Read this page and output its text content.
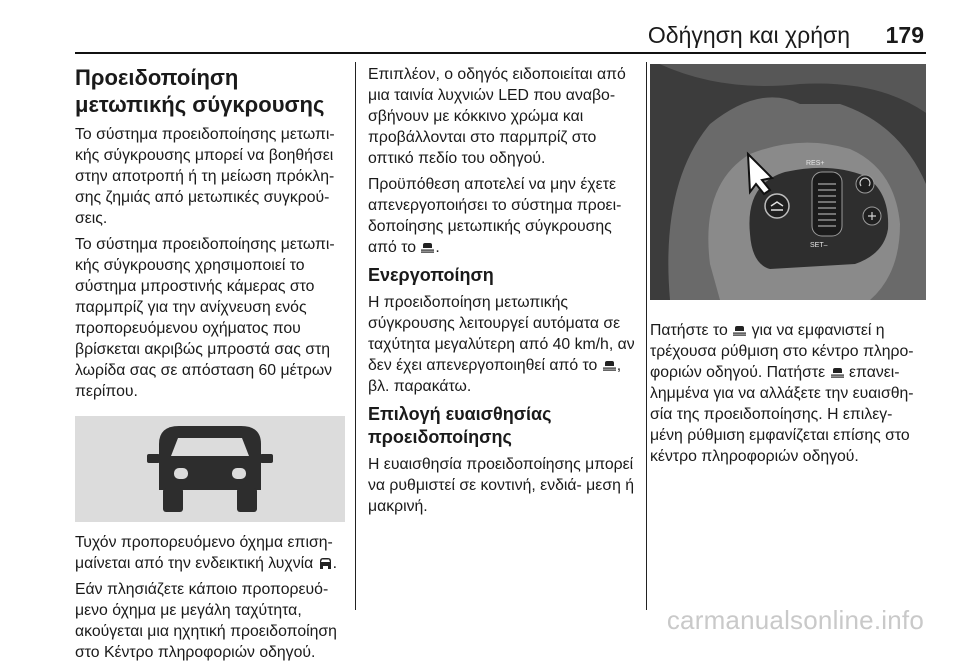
Οδήγηση και χρήση 179
Προειδοποίηση μετωπικής σύγκρουσης

Το σύστημα προειδοποίησης μετωπι- κής σύγκρουσης μπορεί να βοηθήσει στην αποτροπή ή τη μείωση πρόκλη- σης ζημιάς από μετωπικές συγκρού- σεις.

Το σύστημα προειδοποίησης μετωπι- κής σύγκρουσης χρησιμοποιεί το σύστημα μπροστινής κάμερας στο παρμπρίζ για την ανίχνευση ενός προπορευόμενου οχήματος που βρίσκεται ακριβώς μπροστά σας στη λωρίδα σας σε απόσταση 60 μέτρων περίπου.

Τυχόν προπορευόμενο όχημα επιση- μαίνεται από την ενδεικτική λυχνία .

Εάν πλησιάζετε κάποιο προπορευό- μενο όχημα με μεγάλη ταχύτητα, ακούγεται μια ηχητική προειδοποίηση στο Κέντρο πληροφοριών οδηγού.

Επιπλέον, ο οδηγός ειδοποιείται από μια ταινία λυχνιών LED που αναβο- σβήνουν με κόκκινο χρώμα και προβάλλονται στο παρμπρίζ στο οπτικό πεδίο του οδηγού.

Προϋπόθεση αποτελεί να μην έχετε απενεργοποιήσει το σύστημα προει- δοποίησης μετωπικής σύγκρουσης από το .

Ενεργοποίηση

Η προειδοποίηση μετωπικής σύγκρουσης λειτουργεί αυτόματα σε ταχύτητα μεγαλύτερη από 40 km/h, αν δεν έχει απενεργοποιηθεί από το , βλ. παρακάτω.

Επιλογή ευαισθησίας προειδοποίησης

Η ευαισθησία προειδοποίησης μπορεί να ρυθμιστεί σε κοντινή, ενδιά- μεση ή μακρινή.

RES+
SET–

Πατήστε το για να εμφανιστεί η τρέχουσα ρύθμιση στο κέντρο πληρο- φοριών οδηγού. Πατήστε επανει- λημμένα για να αλλάξετε την ευαισθη- σία της προειδοποίησης. Η επιλεγ- μένη ρύθμιση εμφανίζεται επίσης στο κέντρο πληροφοριών οδηγού.

carmanualsonline.info
